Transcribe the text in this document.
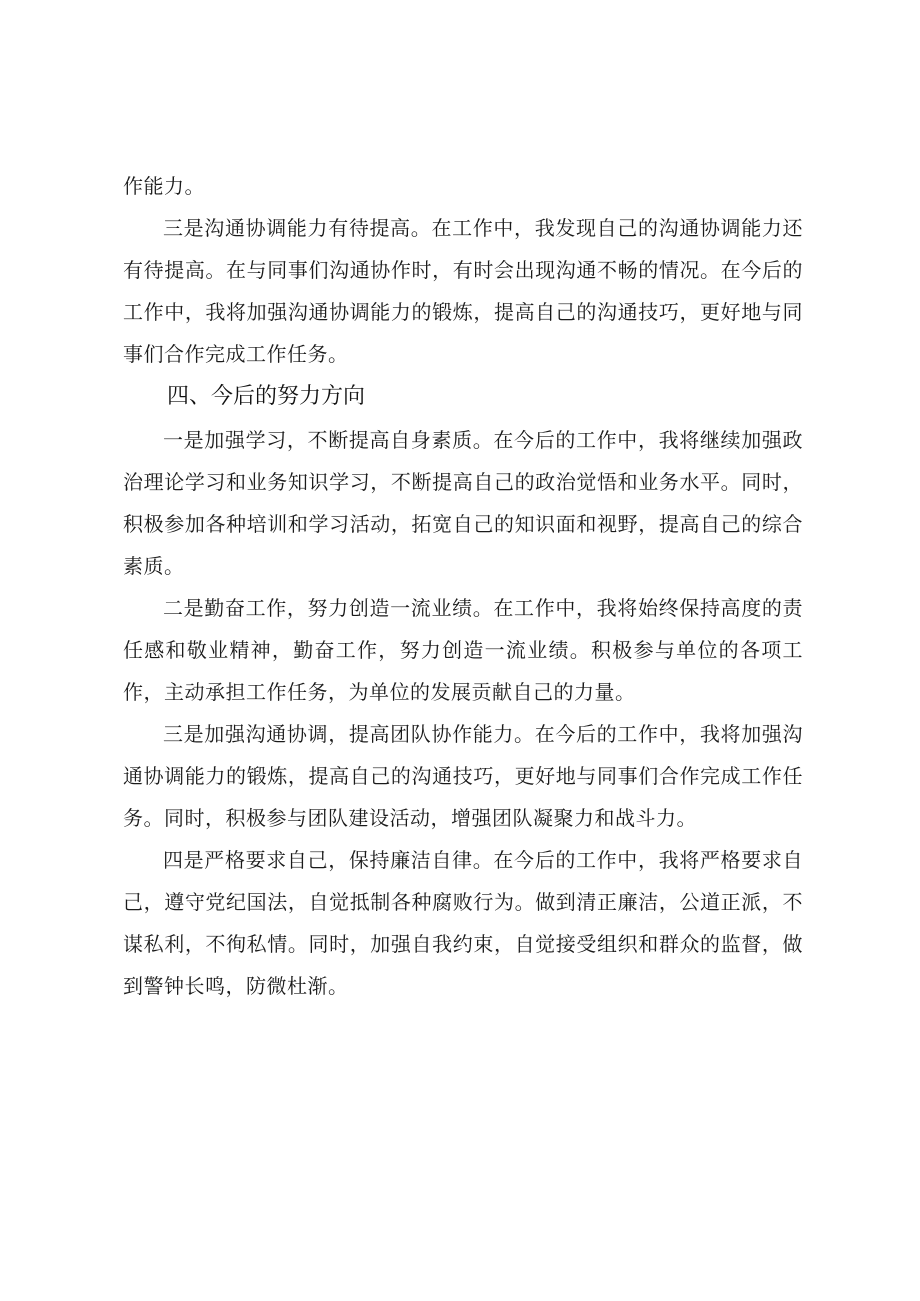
作能力。

三是沟通协调能力有待提高。在工作中，我发现自己的沟通协调能力还有待提高。在与同事们沟通协作时，有时会出现沟通不畅的情况。在今后的工作中，我将加强沟通协调能力的锻炼，提高自己的沟通技巧，更好地与同事们合作完成工作任务。

四、今后的努力方向

一是加强学习，不断提高自身素质。在今后的工作中，我将继续加强政治理论学习和业务知识学习，不断提高自己的政治觉悟和业务水平。同时，积极参加各种培训和学习活动，拓宽自己的知识面和视野，提高自己的综合素质。

二是勤奋工作，努力创造一流业绩。在工作中，我将始终保持高度的责任感和敬业精神，勤奋工作，努力创造一流业绩。积极参与单位的各项工作，主动承担工作任务，为单位的发展贡献自己的力量。

三是加强沟通协调，提高团队协作能力。在今后的工作中，我将加强沟通协调能力的锻炼，提高自己的沟通技巧，更好地与同事们合作完成工作任务。同时，积极参与团队建设活动，增强团队凝聚力和战斗力。

四是严格要求自己，保持廉洁自律。在今后的工作中，我将严格要求自己，遵守党纪国法，自觉抵制各种腐败行为。做到清正廉洁，公道正派，不谋私利，不徇私情。同时，加强自我约束，自觉接受组织和群众的监督，做到警钟长鸣，防微杜渐。
